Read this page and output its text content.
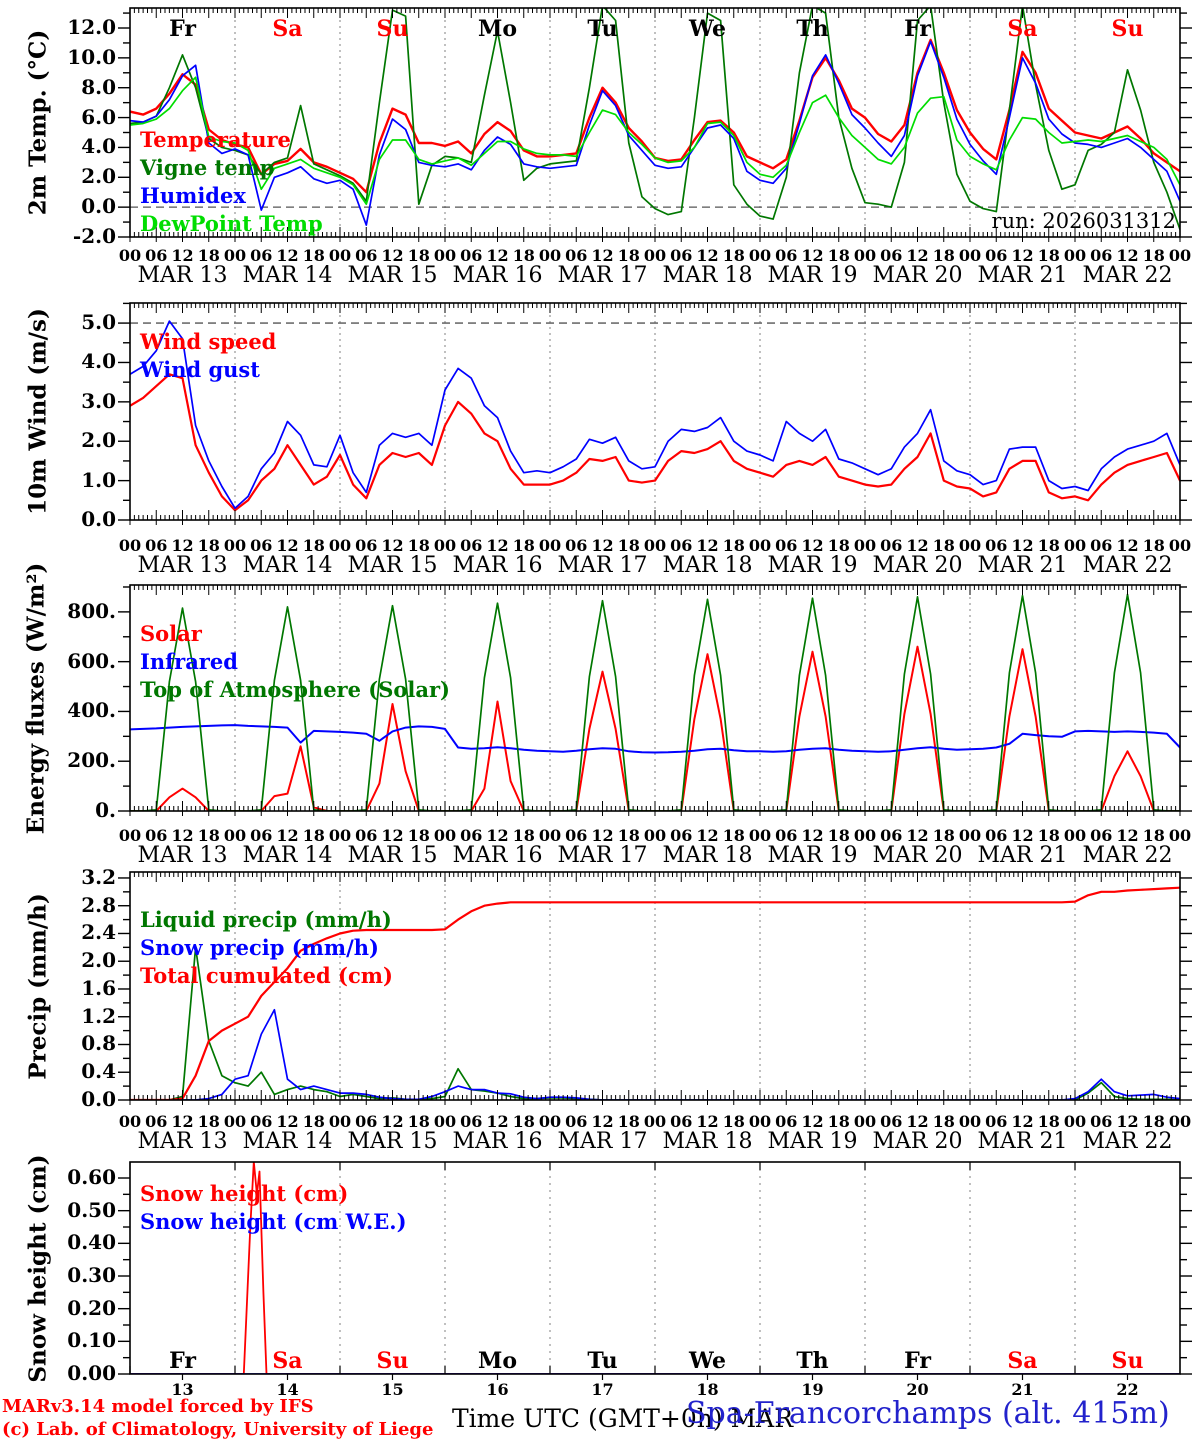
12.0
10.0
8.0
6.0
4.0
2.0
0.0
-2.0
00 06 12 18 00 06 12 18 00 06 12 18 00 06 12 18 00 06 12 18 00 06 12 18 00 06 12 18 00 06 12 18 00 06 12 18 00 06 12 18 00
MAR 13 MAR 14 MAR 15 MAR 16 MAR 17 MAR 18 MAR 19 MAR 20 MAR 21 MAR 22
Fr	Sa	Su	Mo	Tu	We	Th	Fr	Sa	Su
Temperature
Vigne temp
Humidex
DewPoint Temp
5.0
4.0
3.0
2.0
1.0
0.0
00 06 12 18 00 06 12 18 00 06 12 18 00 06 12 18 00 06 12 18 00 06 12 18 00 06 12 18 00 06 12 18 00 06 12 18 00 06 12 18 00
MAR 13 MAR 14 MAR 15 MAR 16 MAR 17 MAR 18 MAR 19 MAR 20 MAR 21 MAR 22
Wind speed
Wind gust
800.
600.
400.
200.
0.
00 06 12 18 00 06 12 18 00 06 12 18 00 06 12 18 00 06 12 18 00 06 12 18 00 06 12 18 00 06 12 18 00 06 12 18 00 06 12 18 00
MAR 13 MAR 14 MAR 15 MAR 16 MAR 17 MAR 18 MAR 19 MAR 20 MAR 21 MAR 22
Solar
Infrared
Top of Atmosphere (Solar)
3.2
2.8
2.4
2.0
1.6
1.2
0.8
0.4
0.0
00 06 12 18 00 06 12 18 00 06 12 18 00 06 12 18 00 06 12 18 00 06 12 18 00 06 12 18 00 06 12 18 00 06 12 18 00 06 12 18 00
MAR 13 MAR 14 MAR 15 MAR 16 MAR 17 MAR 18 MAR 19 MAR 20 MAR 21 MAR 22
Liquid precip (mm/h)
Snow precip (mm/h)
Total cumulated (cm)
0.60
0.50
0.40
0.30
0.20
0.10
0.00
13	14	15	16	17	18	19	20	21	22
Fr	Sa	Su	Mo	Tu	We	Th	Fr	Sa	Su
Snow height (cm)
Snow height (cm W.E.)
2m Temp. (°C)
10m Wind (m/s)
Energy fluxes (W/m²)
Precip (mm/h)
Snow height (cm)
run: 2026031312
Time UTC (GMT+0h) MAR
Spa-Francorchamps (alt. 415m)
MARv3.14 model forced by IFS
(c) Lab. of Climatology, University of Liege
